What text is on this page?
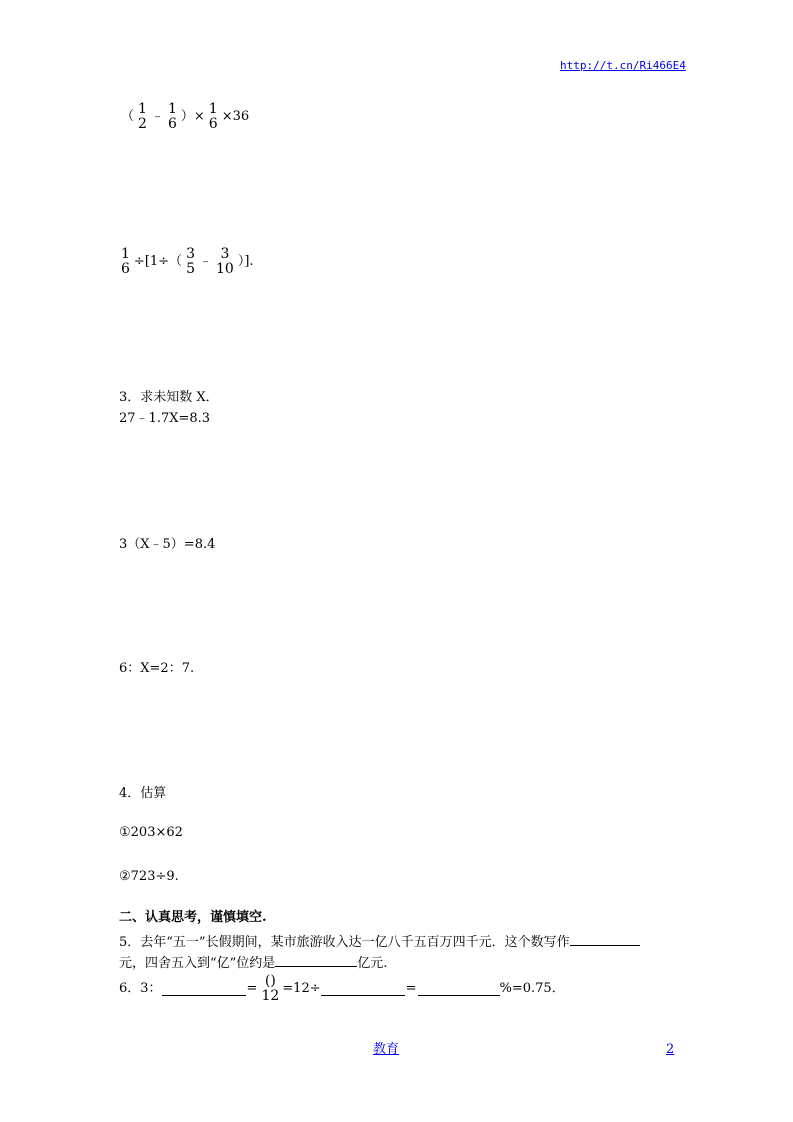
http://t.cn/Ri466E4
（ 1
2 ﹣ 1
6 ）× 1
6 ×36
1
6 ÷[1÷（ 3
5 ﹣ 3
10 ）].
3．求未知数 X．
27﹣1.7X=8.3
3（X﹣5）=8.4
6：X=2：7.
4．估算
①203×62
②723÷9.
二、认真思考，谨慎填空.
5．去年“五一”长假期间，某市旅游收入达一亿八千五百万四千元．这个数写作
元，四舍五入到“亿”位约是	亿元.
6．3：	= ()
12 =12÷	=	%=0.75．
教育	2
